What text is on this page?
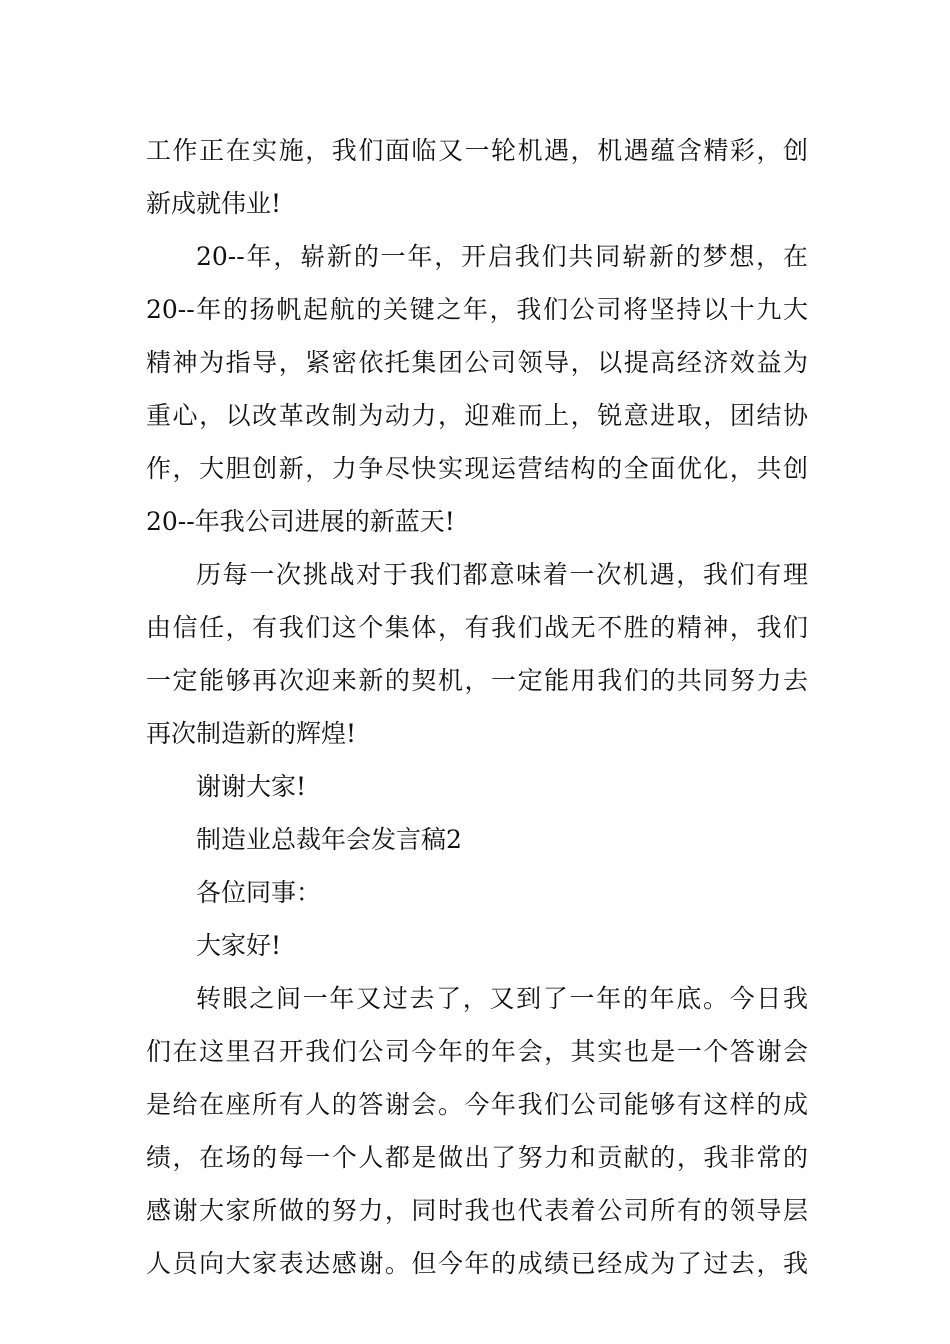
工作正在实施，我们面临又一轮机遇，机遇蕴含精彩，创
新成就伟业!
20--年，崭新的一年，开启我们共同崭新的梦想，在
20--年的扬帆起航的关键之年，我们公司将坚持以十九大
精神为指导，紧密依托集团公司领导，以提高经济效益为
重心，以改革改制为动力，迎难而上，锐意进取，团结协
作，大胆创新，力争尽快实现运营结构的全面优化，共创
20--年我公司进展的新蓝天!
历每一次挑战对于我们都意味着一次机遇，我们有理
由信任，有我们这个集体，有我们战无不胜的精神，我们
一定能够再次迎来新的契机，一定能用我们的共同努力去
再次制造新的辉煌!
谢谢大家!
制造业总裁年会发言稿2
各位同事：
大家好!
转眼之间一年又过去了，又到了一年的年底。今日我
们在这里召开我们公司今年的年会，其实也是一个答谢会
是给在座所有人的答谢会。今年我们公司能够有这样的成
绩，在场的每一个人都是做出了努力和贡献的，我非常的
感谢大家所做的努力，同时我也代表着公司所有的领导层
人员向大家表达感谢。但今年的成绩已经成为了过去，我
